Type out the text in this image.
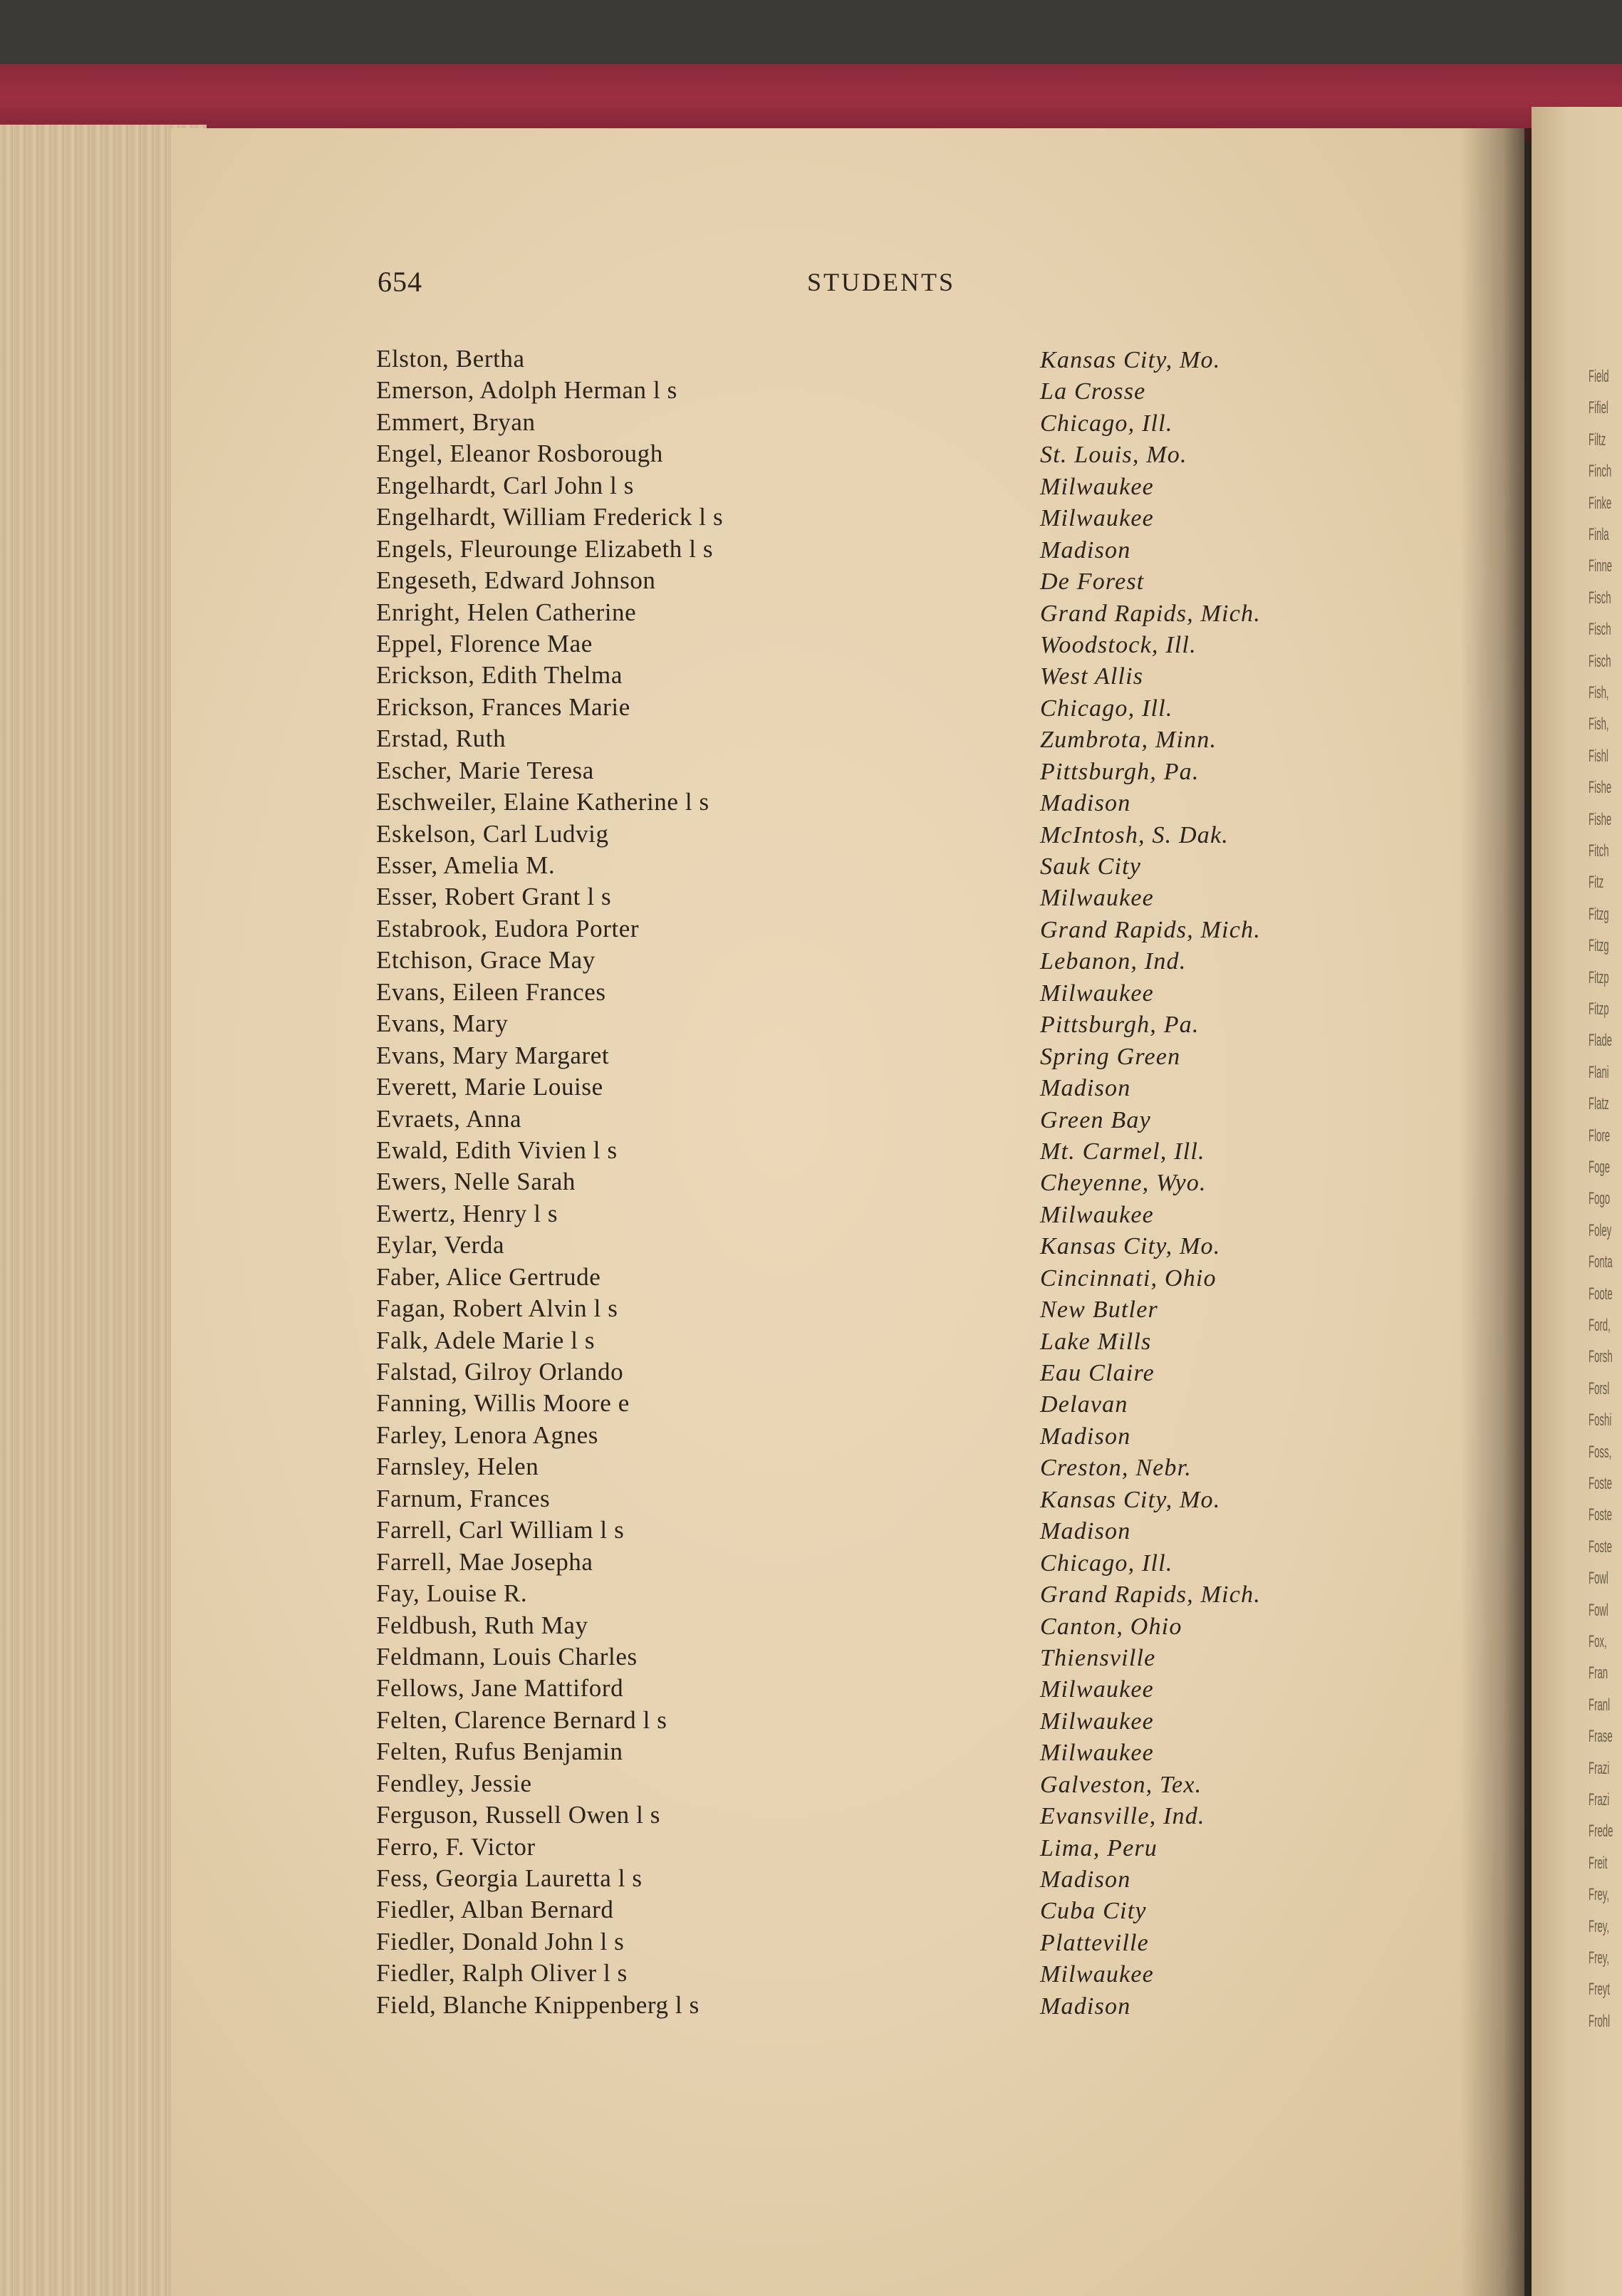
Field
Fifiel
Filtz
Finch
Finke
Finla
Finne
Fisch
Fisch
Fisch
Fish,
Fish,
Fishl
Fishe
Fishe
Fitch
Fitz
Fitzg
Fitzg
Fitzp
Fitzp
Flade
Flani
Flatz
Flore
Foge
Fogo
Foley
Fonta
Foote
Ford,
Forsh
Forsl
Foshi
Foss,
Foste
Foste
Foste
Fowl
Fowl
Fox,
Fran
Franl
Frase
Frazi
Frazi
Frede
Freit
Frey,
Frey,
Frey,
Freyt
Frohl
654	STUDENTS
Elston, Bertha	Kansas City, Mo.
Emerson, Adolph Herman l s	La Crosse
Emmert, Bryan	Chicago, Ill.
Engel, Eleanor Rosborough	St. Louis, Mo.
Engelhardt, Carl John l s	Milwaukee
Engelhardt, William Frederick l s	Milwaukee
Engels, Fleurounge Elizabeth l s	Madison
Engeseth, Edward Johnson	De Forest
Enright, Helen Catherine	Grand Rapids, Mich.
Eppel, Florence Mae	Woodstock, Ill.
Erickson, Edith Thelma	West Allis
Erickson, Frances Marie	Chicago, Ill.
Erstad, Ruth	Zumbrota, Minn.
Escher, Marie Teresa	Pittsburgh, Pa.
Eschweiler, Elaine Katherine l s	Madison
Eskelson, Carl Ludvig	McIntosh, S. Dak.
Esser, Amelia M.	Sauk City
Esser, Robert Grant l s	Milwaukee
Estabrook, Eudora Porter	Grand Rapids, Mich.
Etchison, Grace May	Lebanon, Ind.
Evans, Eileen Frances	Milwaukee
Evans, Mary	Pittsburgh, Pa.
Evans, Mary Margaret	Spring Green
Everett, Marie Louise	Madison
Evraets, Anna	Green Bay
Ewald, Edith Vivien l s	Mt. Carmel, Ill.
Ewers, Nelle Sarah	Cheyenne, Wyo.
Ewertz, Henry l s	Milwaukee
Eylar, Verda	Kansas City, Mo.
Faber, Alice Gertrude	Cincinnati, Ohio
Fagan, Robert Alvin l s	New Butler
Falk, Adele Marie l s	Lake Mills
Falstad, Gilroy Orlando	Eau Claire
Fanning, Willis Moore e	Delavan
Farley, Lenora Agnes	Madison
Farnsley, Helen	Creston, Nebr.
Farnum, Frances	Kansas City, Mo.
Farrell, Carl William l s	Madison
Farrell, Mae Josepha	Chicago, Ill.
Fay, Louise R.	Grand Rapids, Mich.
Feldbush, Ruth May	Canton, Ohio
Feldmann, Louis Charles	Thiensville
Fellows, Jane Mattiford	Milwaukee
Felten, Clarence Bernard l s	Milwaukee
Felten, Rufus Benjamin	Milwaukee
Fendley, Jessie	Galveston, Tex.
Ferguson, Russell Owen l s	Evansville, Ind.
Ferro, F. Victor	Lima, Peru
Fess, Georgia Lauretta l s	Madison
Fiedler, Alban Bernard	Cuba City
Fiedler, Donald John l s	Platteville
Fiedler, Ralph Oliver l s	Milwaukee
Field, Blanche Knippenberg l s	Madison
